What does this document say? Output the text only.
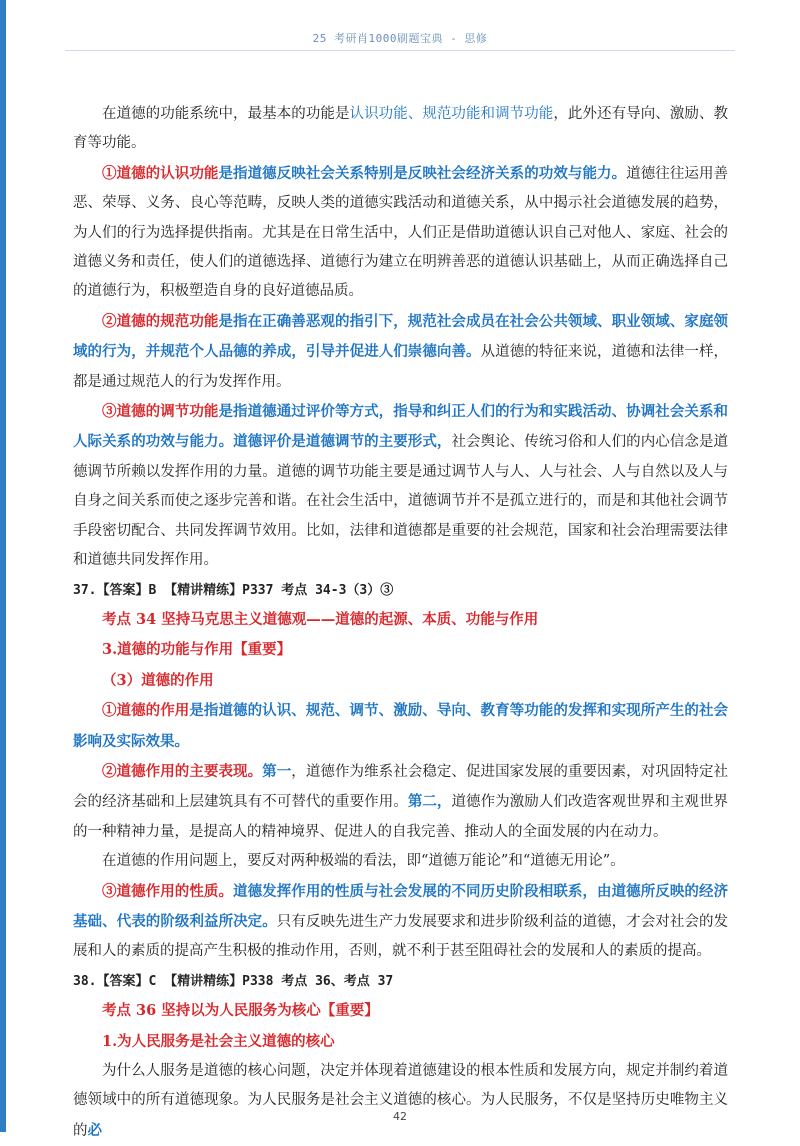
25 考研肖1000刷题宝典 - 思修

在道德的功能系统中，最基本的功能是认识功能、规范功能和调节功能，此外还有导向、激励、教育等功能。

①道德的认识功能是指道德反映社会关系特别是反映社会经济关系的功效与能力。道德往往运用善恶、荣辱、义务、良心等范畴，反映人类的道德实践活动和道德关系，从中揭示社会道德发展的趋势，为人们的行为选择提供指南。尤其是在日常生活中，人们正是借助道德认识自己对他人、家庭、社会的道德义务和责任，使人们的道德选择、道德行为建立在明辨善恶的道德认识基础上，从而正确选择自己的道德行为，积极塑造自身的良好道德品质。

②道德的规范功能是指在正确善恶观的指引下，规范社会成员在社会公共领域、职业领域、家庭领域的行为，并规范个人品德的养成，引导并促进人们崇德向善。从道德的特征来说，道德和法律一样，都是通过规范人的行为发挥作用。

③道德的调节功能是指道德通过评价等方式，指导和纠正人们的行为和实践活动、协调社会关系和人际关系的功效与能力。道德评价是道德调节的主要形式，社会舆论、传统习俗和人们的内心信念是道德调节所赖以发挥作用的力量。道德的调节功能主要是通过调节人与人、人与社会、人与自然以及人与自身之间关系而使之逐步完善和谐。在社会生活中，道德调节并不是孤立进行的，而是和其他社会调节手段密切配合、共同发挥调节效用。比如，法律和道德都是重要的社会规范，国家和社会治理需要法律和道德共同发挥作用。

37.【答案】B 【精讲精练】P337 考点 34-3（3）③

考点 34 坚持马克思主义道德观——道德的起源、本质、功能与作用

3.道德的功能与作用【重要】

（3）道德的作用

①道德的作用是指道德的认识、规范、调节、激励、导向、教育等功能的发挥和实现所产生的社会影响及实际效果。

②道德作用的主要表现。第一，道德作为维系社会稳定、促进国家发展的重要因素，对巩固特定社会的经济基础和上层建筑具有不可替代的重要作用。第二，道德作为激励人们改造客观世界和主观世界的一种精神力量，是提高人的精神境界、促进人的自我完善、推动人的全面发展的内在动力。

在道德的作用问题上，要反对两种极端的看法，即“道德万能论”和“道德无用论”。

③道德作用的性质。道德发挥作用的性质与社会发展的不同历史阶段相联系，由道德所反映的经济基础、代表的阶级利益所决定。只有反映先进生产力发展要求和进步阶级利益的道德，才会对社会的发展和人的素质的提高产生积极的推动作用，否则，就不利于甚至阻碍社会的发展和人的素质的提高。

38.【答案】C 【精讲精练】P338 考点 36、考点 37

考点 36 坚持以为人民服务为核心【重要】

1.为人民服务是社会主义道德的核心

为什么人服务是道德的核心问题，决定并体现着道德建设的根本性质和发展方向，规定并制约着道德领域中的所有道德现象。为人民服务是社会主义道德的核心。为人民服务，不仅是坚持历史唯物主义的必

42
